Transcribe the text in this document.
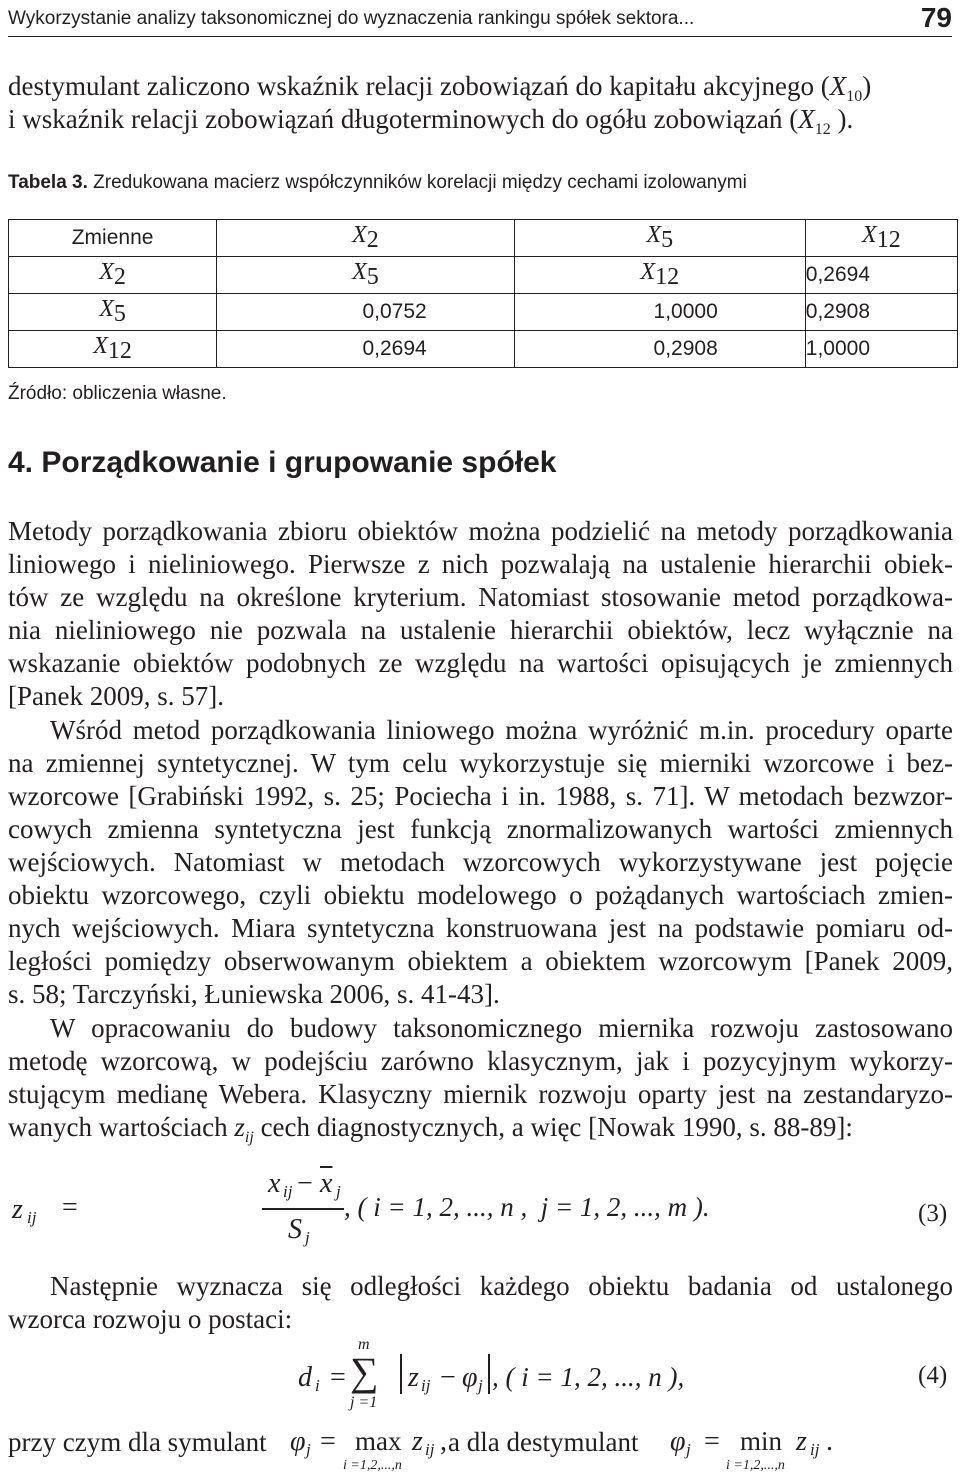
Wykorzystanie analizy taksonomicznej do wyznaczenia rankingu spółek sektora...	79
destymulant zaliczono wskaźnik relacji zobowiązań do kapitału akcyjnego $(X_{10})$
i wskaźnik relacji zobowiązań długoterminowych do ogółu zobowiązań ($X_{12}$ ).
Tabela 3. Zredukowana macierz współczynników korelacji między cechami izolowanymi
Zmienne	$X_2$	$X_5$	$X_{12}$
$X_2$	$X_5$	$X_{12}$	0,2694
$X_5$	0,0752	1,0000	0,2908
$X_{12}$	0,2694	0,2908	1,0000
Źródło: obliczenia własne.
4. Porządkowanie i grupowanie spółek
Metody porządkowania zbioru obiektów można podzielić na metody porządkowania
liniowego i nieliniowego. Pierwsze z nich pozwalają na ustalenie hierarchii obiek-
tów ze względu na określone kryterium. Natomiast stosowanie metod porządkowa-
nia nieliniowego nie pozwala na ustalenie hierarchii obiektów, lecz wyłącznie na
wskazanie obiektów podobnych ze względu na wartości opisujących je zmiennych
[Panek 2009, s. 57].
Wśród metod porządkowania liniowego można wyróżnić m.in. procedury oparte
na zmiennej syntetycznej. W tym celu wykorzystuje się mierniki wzorcowe i bez-
wzorcowe [Grabiński 1992, s. 25; Pociecha i in. 1988, s. 71]. W metodach bezwzor-
cowych zmienna syntetyczna jest funkcją znormalizowanych wartości zmiennych
wejściowych. Natomiast w metodach wzorcowych wykorzystywane jest pojęcie
obiektu wzorcowego, czyli obiektu modelowego o pożądanych wartościach zmien-
nych wejściowych. Miara syntetyczna konstruowana jest na podstawie pomiaru od-
ległości pomiędzy obserwowanym obiektem a obiektem wzorcowym [Panek 2009,
s. 58; Tarczyński, Łuniewska 2006, s. 41-43].
W opracowaniu do budowy taksonomicznego miernika rozwoju zastosowano
metodę wzorcową, w podejściu zarówno klasycznym, jak i pozycyjnym wykorzy-
stującym medianę Webera. Klasyczny miernik rozwoju oparty jest na zestandaryzo-
wanych wartościach $z_{ij}$ cech diagnostycznych, a więc [Nowak 1990, s. 88-89]:
z ij =
x ij − $\overline{x}$ j
S j
, ( i = 1, 2, ..., n ,  j = 1, 2, ..., m ).	(3)
Następnie wyznacza się odległości każdego obiektu badania od ustalonego
wzorca rozwoju o postaci:
d i =
m
∑
j =1
z ij − φ j , ( i = 1, 2, ..., n ),	(4)
przy czym dla symulant φ j = max
i =1,2,...,n
z ij , a dla destymulant φ j = min
i =1,2,...,n
z ij .
